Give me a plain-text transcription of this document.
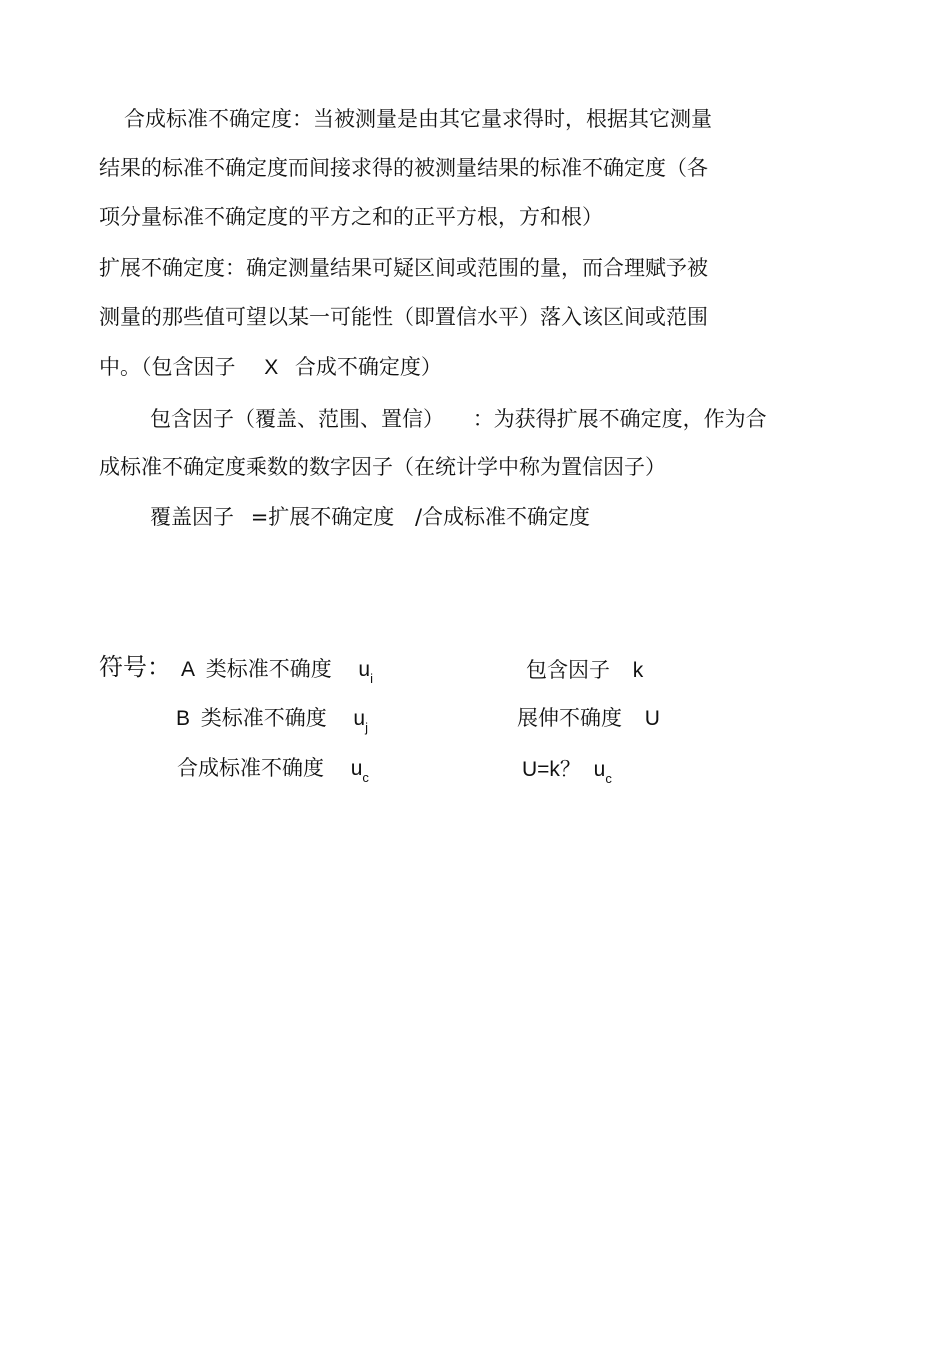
合成标准不确定度：当被测量是由其它量求得时，根据其它测量
结果的标准不确定度而间接求得的被测量结果的标准不确定度（各
项分量标准不确定度的平方之和的正平方根，方和根）
扩展不确定度：确定测量结果可疑区间或范围的量，而合理赋予被
测量的那些值可望以某一可能性（即置信水平）落入该区间或范围
中。（包含因子 X 合成不确定度）
包含因子（覆盖、范围、置信） ：为获得扩展不确定度，作为合
成标准不确定度乘数的数字因子（在统计学中称为置信因子）
覆盖因子 =扩展不确定度 /合成标准不确定度
符号： A 类标准不确度 $u_i$	包含因子 k
B 类标准不确度 $u_j$	展伸不确度 U
合成标准不确度 $u_c$	U=k？ $u_c$
